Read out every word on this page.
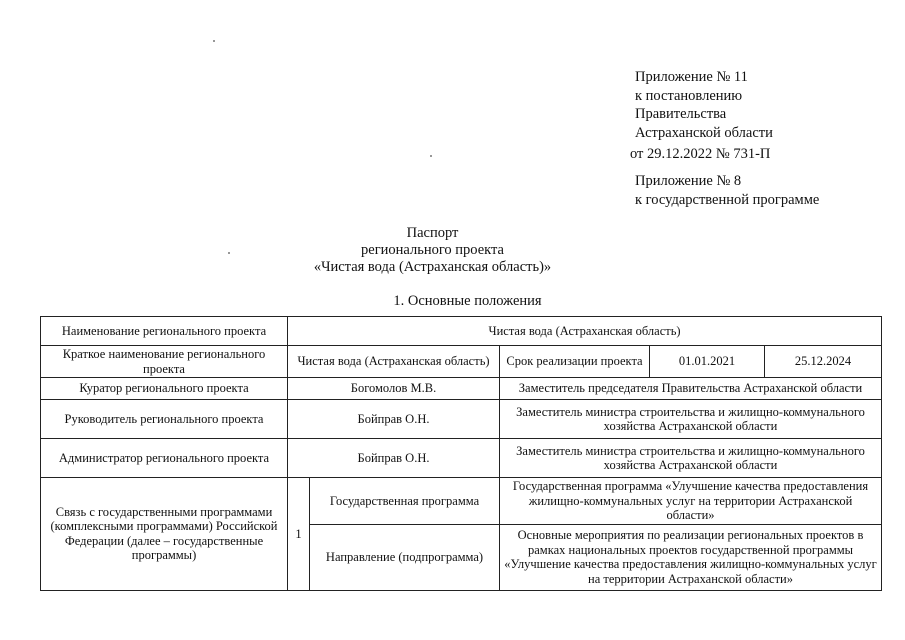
Приложение № 11
к постановлению
Правительства
Астраханской области
от 29.12.2022 № 731-П
Приложение № 8
к государственной программе
Паспорт
регионального проекта
«Чистая вода (Астраханская область)»
1. Основные положения
Наименование регионального проекта	Чистая вода (Астраханская область)				
Краткое наименование регионального проекта	Чистая вода (Астраханская область)		Срок реализации проекта	01.01.2021	25.12.2024
Куратор регионального проекта	Богомолов М.В.		Заместитель председателя Правительства Астраханской области		
Руководитель регионального проекта	Бойправ О.Н.		Заместитель министра строительства и жилищно-коммунального хозяйства Астраханской области		
Администратор регионального проекта	Бойправ О.Н.		Заместитель министра строительства и жилищно-коммунального хозяйства Астраханской области		
Связь с государственными программами (комплексными программами) Российской Федерации (далее – государственные программы)	1	Государственная программа	Государственная программа «Улучшение качества предоставления жилищно-коммунальных услуг на территории Астраханской области»		
		Направление (подпрограмма)	Основные мероприятия по реализации региональных проектов в рамках национальных проектов государственной программы «Улучшение качества предоставления жилищно-коммунальных услуг на территории Астраханской области»		
